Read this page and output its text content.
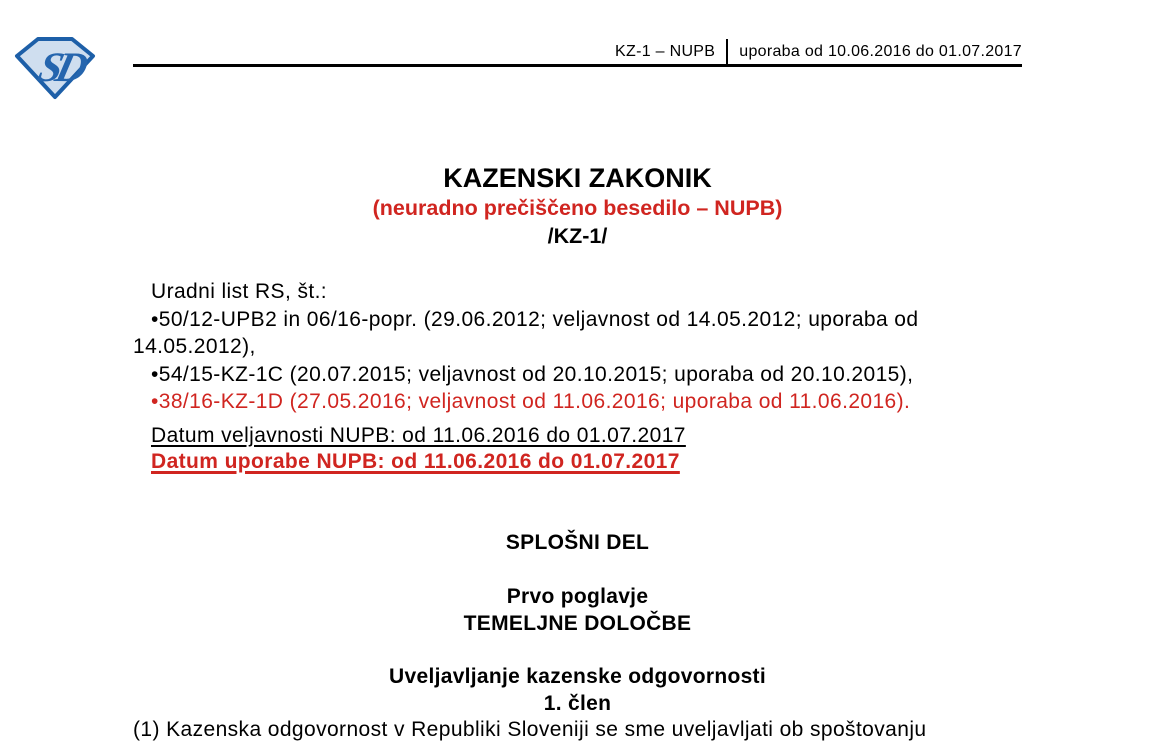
SD	KZ-1 – NUPB uporaba od 10.06.2016 do 01.07.2017
KAZENSKI ZAKONIK

(neuradno prečiščeno besedilo – NUPB)

/KZ-1/

Uradni list RS, št.:

•50/12-UPB2 in 06/16-popr. (29.06.2012; veljavnost od 14.05.2012; uporaba od 14.05.2012),

•54/15-KZ-1C (20.07.2015; veljavnost od 20.10.2015; uporaba od 20.10.2015),

•38/16-KZ-1D (27.05.2016; veljavnost od 11.06.2016; uporaba od 11.06.2016).

Datum veljavnosti NUPB: od 11.06.2016 do 01.07.2017

Datum uporabe NUPB: od 11.06.2016 do 01.07.2017

SPLOŠNI DEL

Prvo poglavje

TEMELJNE DOLOČBE

Uveljavljanje kazenske odgovornosti

1. člen

(1) Kazenska odgovornost v Republiki Sloveniji se sme uveljavljati ob spoštovanju
